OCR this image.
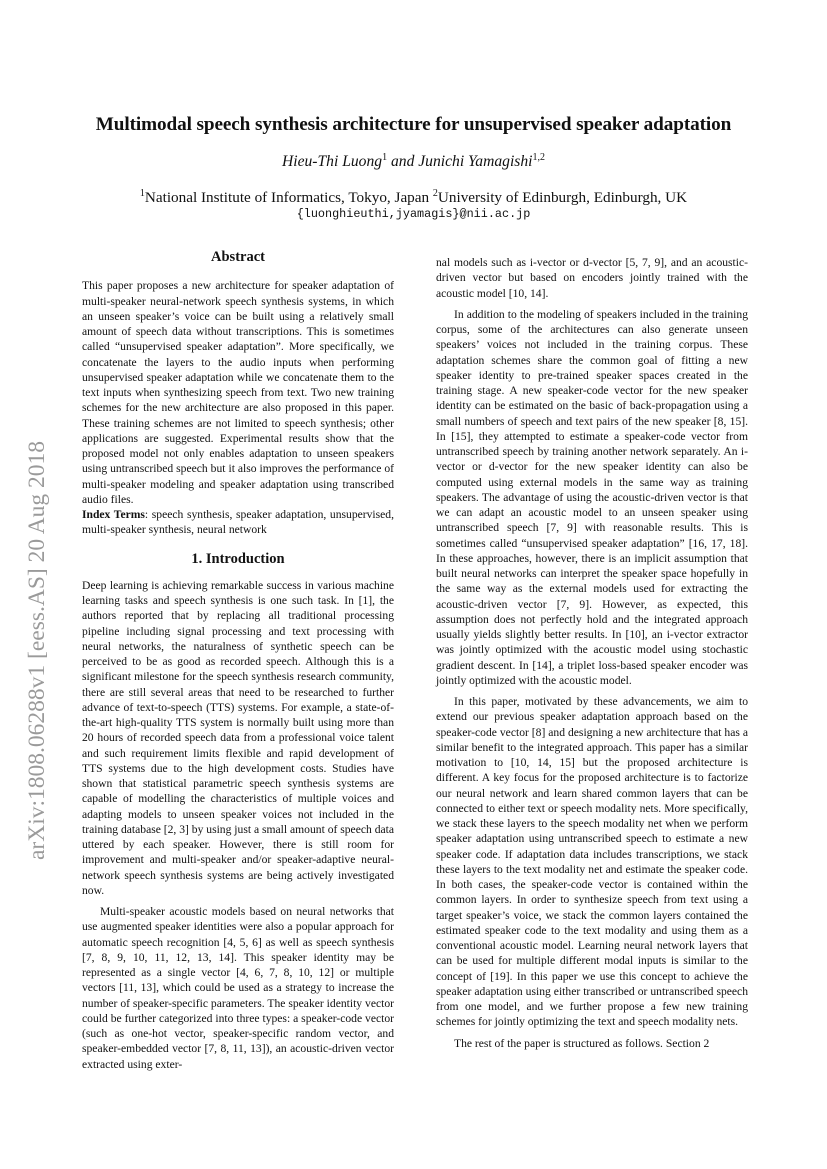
arXiv:1808.06288v1 [eess.AS] 20 Aug 2018
Multimodal speech synthesis architecture for unsupervised speaker adaptation
Hieu-Thi Luong$^1$ and Junichi Yamagishi$^{1,2}$
$^1$National Institute of Informatics, Tokyo, Japan $^2$University of Edinburgh, Edinburgh, UK
{luonghieuthi,jyamagis}@nii.ac.jp
Abstract

This paper proposes a new architecture for speaker adaptation of multi-speaker neural-network speech synthesis systems, in which an unseen speaker’s voice can be built using a relatively small amount of speech data without transcriptions. This is sometimes called “unsupervised speaker adaptation”. More specifically, we concatenate the layers to the audio inputs when performing unsupervised speaker adaptation while we concatenate them to the text inputs when synthesizing speech from text. Two new training schemes for the new architecture are also proposed in this paper. These training schemes are not limited to speech synthesis; other applications are suggested. Experimental results show that the proposed model not only enables adaptation to unseen speakers using untranscribed speech but it also improves the performance of multi-speaker modeling and speaker adaptation using transcribed audio files.

Index Terms: speech synthesis, speaker adaptation, unsupervised, multi-speaker synthesis, neural network

1. Introduction

Deep learning is achieving remarkable success in various machine learning tasks and speech synthesis is one such task. In [1], the authors reported that by replacing all traditional processing pipeline including signal processing and text processing with neural networks, the naturalness of synthetic speech can be perceived to be as good as recorded speech. Although this is a significant milestone for the speech synthesis research community, there are still several areas that need to be researched to further advance of text-to-speech (TTS) systems. For example, a state-of-the-art high-quality TTS system is normally built using more than 20 hours of recorded speech data from a professional voice talent and such requirement limits flexible and rapid development of TTS systems due to the high development costs. Studies have shown that statistical parametric speech synthesis systems are capable of modelling the characteristics of multiple voices and adapting models to unseen speaker voices not included in the training database [2, 3] by using just a small amount of speech data uttered by each speaker. However, there is still room for improvement and multi-speaker and/or speaker-adaptive neural-network speech synthesis systems are being actively investigated now.

Multi-speaker acoustic models based on neural networks that use augmented speaker identities were also a popular approach for automatic speech recognition [4, 5, 6] as well as speech synthesis [7, 8, 9, 10, 11, 12, 13, 14]. This speaker identity may be represented as a single vector [4, 6, 7, 8, 10, 12] or multiple vectors [11, 13], which could be used as a strategy to increase the number of speaker-specific parameters. The speaker identity vector could be further categorized into three types: a speaker-code vector (such as one-hot vector, speaker-specific random vector, and speaker-embedded vector [7, 8, 11, 13]), an acoustic-driven vector extracted using exter-

nal models such as i-vector or d-vector [5, 7, 9], and an acoustic-driven vector but based on encoders jointly trained with the acoustic model [10, 14].

In addition to the modeling of speakers included in the training corpus, some of the architectures can also generate unseen speakers’ voices not included in the training corpus. These adaptation schemes share the common goal of fitting a new speaker identity to pre-trained speaker spaces created in the training stage. A new speaker-code vector for the new speaker identity can be estimated on the basic of back-propagation using a small numbers of speech and text pairs of the new speaker [8, 15]. In [15], they attempted to estimate a speaker-code vector from untranscribed speech by training another network separately. An i-vector or d-vector for the new speaker identity can also be computed using external models in the same way as training speakers. The advantage of using the acoustic-driven vector is that we can adapt an acoustic model to an unseen speaker using untranscribed speech [7, 9] with reasonable results. This is sometimes called “unsupervised speaker adaptation” [16, 17, 18]. In these approaches, however, there is an implicit assumption that built neural networks can interpret the speaker space hopefully in the same way as the external models used for extracting the acoustic-driven vector [7, 9]. However, as expected, this assumption does not perfectly hold and the integrated approach usually yields slightly better results. In [10], an i-vector extractor was jointly optimized with the acoustic model using stochastic gradient descent. In [14], a triplet loss-based speaker encoder was jointly optimized with the acoustic model.

In this paper, motivated by these advancements, we aim to extend our previous speaker adaptation approach based on the speaker-code vector [8] and designing a new architecture that has a similar benefit to the integrated approach. This paper has a similar motivation to [10, 14, 15] but the proposed architecture is different. A key focus for the proposed architecture is to factorize our neural network and learn shared common layers that can be connected to either text or speech modality nets. More specifically, we stack these layers to the speech modality net when we perform speaker adaptation using untranscribed speech to estimate a new speaker code. If adaptation data includes transcriptions, we stack these layers to the text modality net and estimate the speaker code. In both cases, the speaker-code vector is contained within the common layers. In order to synthesize speech from text using a target speaker’s voice, we stack the common layers contained the estimated speaker code to the text modality and using them as a conventional acoustic model. Learning neural network layers that can be used for multiple different modal inputs is similar to the concept of [19]. In this paper we use this concept to achieve the speaker adaptation using either transcribed or untranscribed speech from one model, and we further propose a few new training schemes for jointly optimizing the text and speech modality nets.

The rest of the paper is structured as follows. Section 2
